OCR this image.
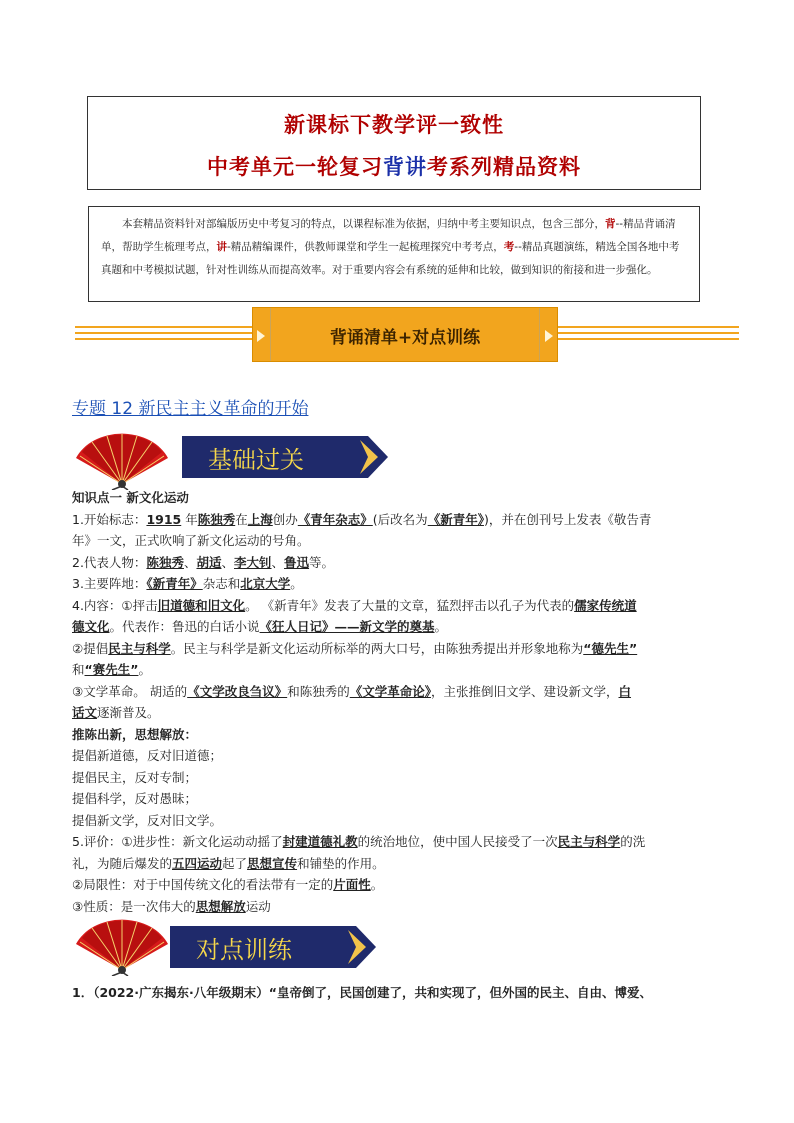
新课标下教学评一致性
中考单元一轮复习背讲考系列精品资料

本套精品资料针对部编版历史中考复习的特点，以课程标准为依据，归纳中考主要知识点，包含三部分，背--精品背诵清单，帮助学生梳理考点，讲-精品精编课件，供教师课堂和学生一起梳理探究中考考点，考--精品真题演练，精选全国各地中考真题和中考模拟试题，针对性训练从而提高效率。对于重要内容会有系统的延伸和比较，做到知识的衔接和进一步强化。

背诵清单+对点训练
专题 12 新民主主义革命的开始
基础过关

知识点一 新文化运动

1.开始标志：1915 年陈独秀在上海创办《青年杂志》(后改名为《新青年》)，并在创刊号上发表《敬告青

年》一文，正式吹响了新文化运动的号角。

2.代表人物：陈独秀、胡适、李大钊、鲁迅等。

3.主要阵地：《新青年》杂志和北京大学。

4.内容：①抨击旧道德和旧文化。 《新青年》发表了大量的文章，猛烈抨击以孔子为代表的儒家传统道

德文化。代表作：鲁迅的白话小说《狂人日记》——新文学的奠基。

②提倡民主与科学。民主与科学是新文化运动所标举的两大口号，由陈独秀提出并形象地称为“德先生”

和“赛先生”。

③文学革命。 胡适的《文学改良刍议》和陈独秀的《文学革命论》，主张推倒旧文学、建设新文学，白

话文逐渐普及。

推陈出新，思想解放：

提倡新道德，反对旧道德；

提倡民主，反对专制；

提倡科学，反对愚昧；

提倡新文学，反对旧文学。

5.评价：①进步性：新文化运动动摇了封建道德礼教的统治地位，使中国人民接受了一次民主与科学的洗

礼，为随后爆发的五四运动起了思想宣传和铺垫的作用。

②局限性：对于中国传统文化的看法带有一定的片面性。

③性质：是一次伟大的思想解放运动

对点训练
1．（2022·广东揭东·八年级期末）“皇帝倒了，民国创建了，共和实现了，但外国的民主、自由、博爱、
